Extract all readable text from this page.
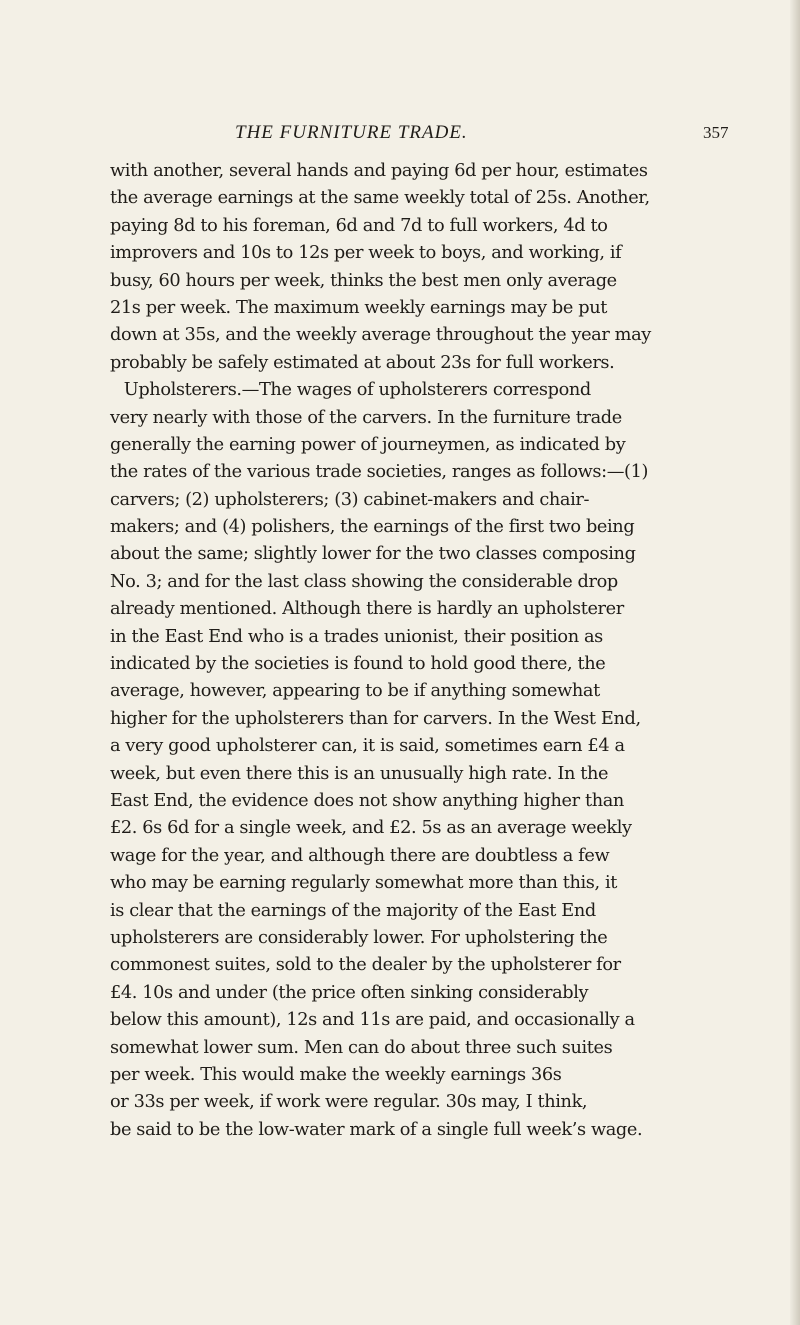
THE FURNITURE TRADE.	357
with another, several hands and paying 6d per hour, estimates
the average earnings at the same weekly total of 25s. Another,
paying 8d to his foreman, 6d and 7d to full workers, 4d to
improvers and 10s to 12s per week to boys, and working, if
busy, 60 hours per week, thinks the best men only average
21s per week. The maximum weekly earnings may be put
down at 35s, and the weekly average throughout the year may
probably be safely estimated at about 23s for full workers.
Upholsterers.—The wages of upholsterers correspond
very nearly with those of the carvers. In the furniture trade
generally the earning power of journeymen, as indicated by
the rates of the various trade societies, ranges as follows:—(1)
carvers; (2) upholsterers; (3) cabinet-makers and chair-
makers; and (4) polishers, the earnings of the first two being
about the same; slightly lower for the two classes composing
No. 3; and for the last class showing the considerable drop
already mentioned. Although there is hardly an upholsterer
in the East End who is a trades unionist, their position as
indicated by the societies is found to hold good there, the
average, however, appearing to be if anything somewhat
higher for the upholsterers than for carvers. In the West End,
a very good upholsterer can, it is said, sometimes earn £4 a
week, but even there this is an unusually high rate. In the
East End, the evidence does not show anything higher than
£2. 6s 6d for a single week, and £2. 5s as an average weekly
wage for the year, and although there are doubtless a few
who may be earning regularly somewhat more than this, it
is clear that the earnings of the majority of the East End
upholsterers are considerably lower. For upholstering the
commonest suites, sold to the dealer by the upholsterer for
£4. 10s and under (the price often sinking considerably
below this amount), 12s and 11s are paid, and occasionally a
somewhat lower sum. Men can do about three such suites
per week. This would make the weekly earnings 36s
or 33s per week, if work were regular. 30s may, I think,
be said to be the low-water mark of a single full week’s wage.
